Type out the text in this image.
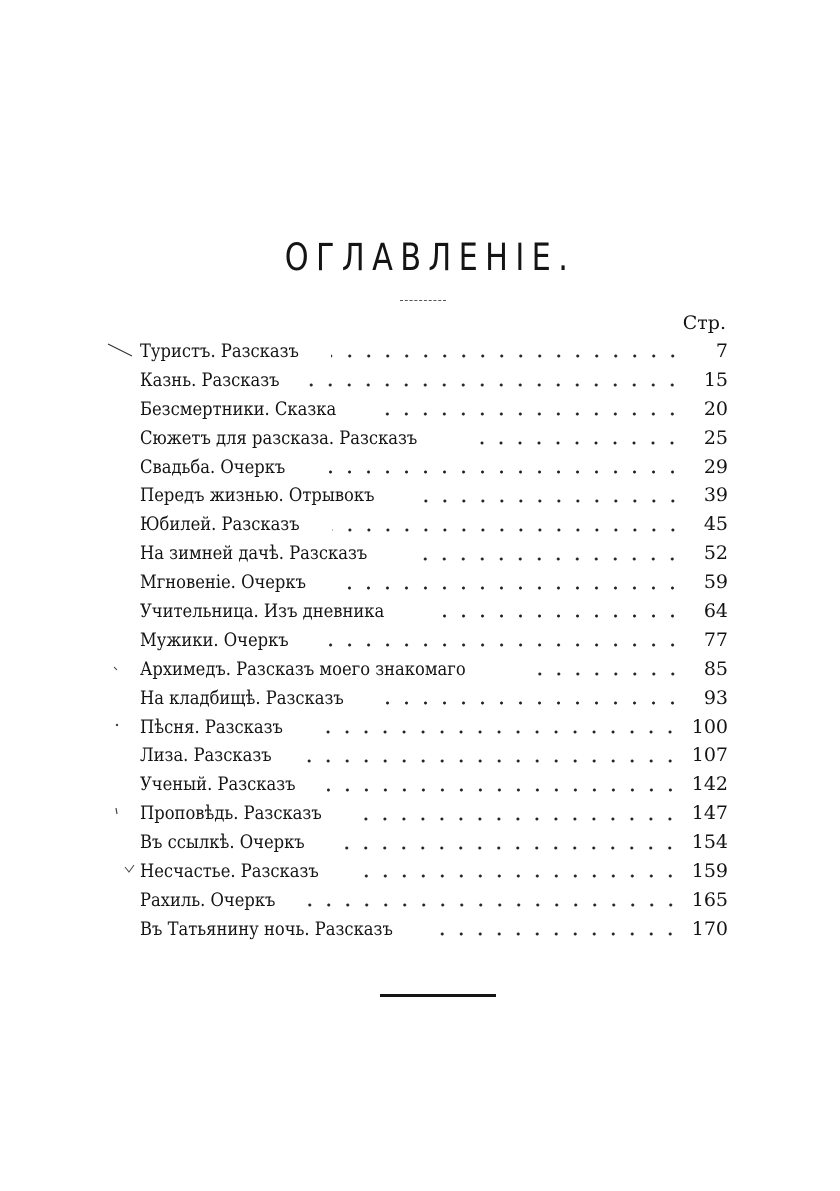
ОГЛАВЛЕНІЕ.
Стр.
Туристъ. Разсказъ	7
Казнь. Разсказъ	15
Безсмертники. Сказка	20
Сюжетъ для разсказа. Разсказъ	25
Свадьба. Очеркъ	29
Передъ жизнью. Отрывокъ	39
Юбилей. Разсказъ	45
На зимней дачѣ. Разсказъ	52
Мгновеніе. Очеркъ	59
Учительница. Изъ дневника	64
Мужики. Очеркъ	77
Архимедъ. Разсказъ моего знакомаго	85
На кладбищѣ. Разсказъ	93
Пѣсня. Разсказъ	100
Лиза. Разсказъ	107
Ученый. Разсказъ	142
Проповѣдь. Разсказъ	147
Въ ссылкѣ. Очеркъ	154
Несчастье. Разсказъ	159
Рахиль. Очеркъ	165
Въ Татьянину ночь. Разсказъ	170
